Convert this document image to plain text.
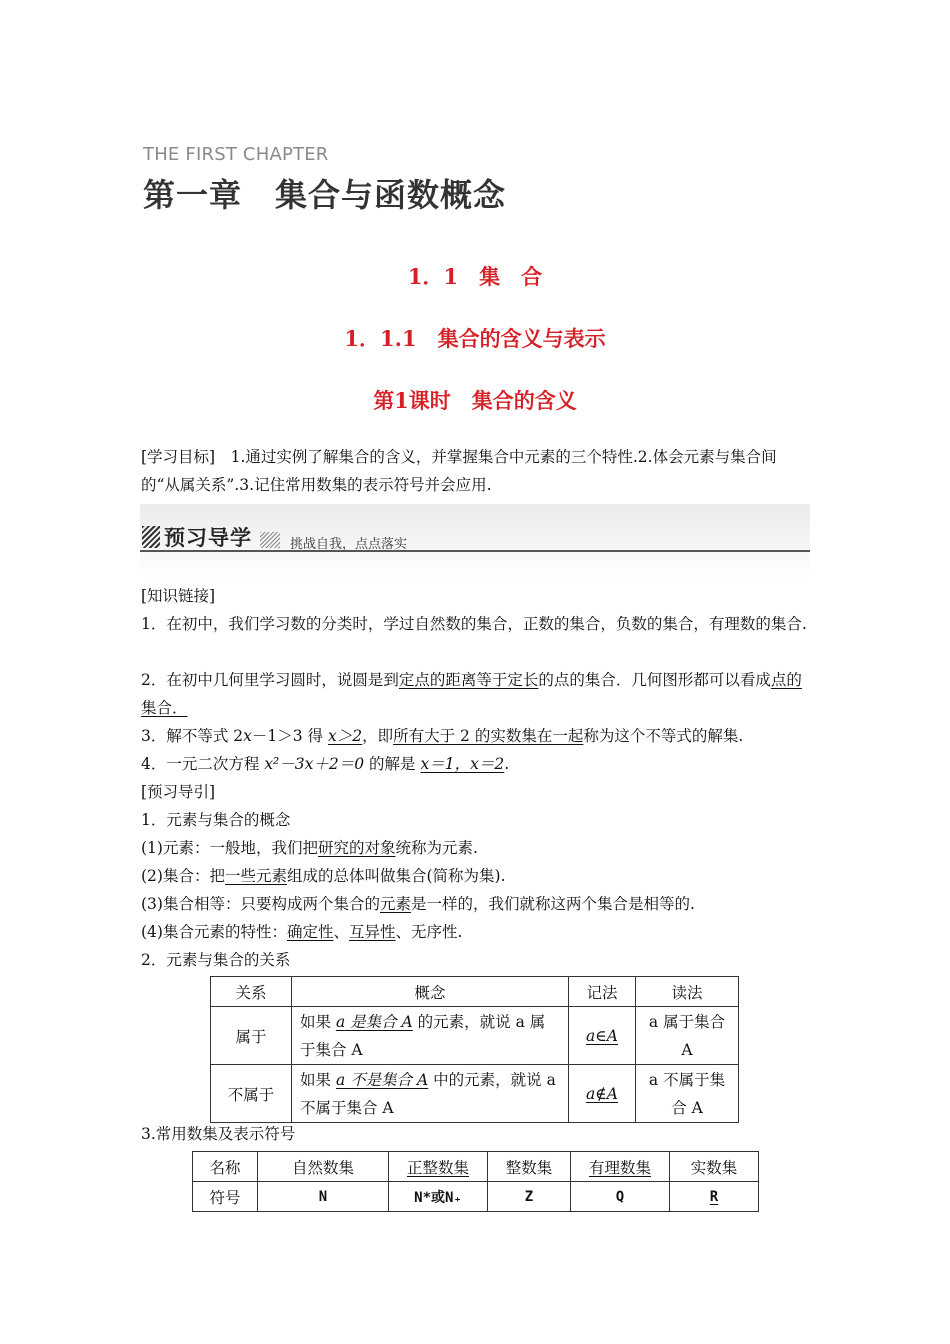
THE FIRST CHAPTER
第一章　集合与函数概念
1．1　集　合
1．1.1　集合的含义与表示
第1课时　集合的含义
[学习目标]　1.通过实例了解集合的含义，并掌握集合中元素的三个特性.2.体会元素与集合间的“从属关系”.3.记住常用数集的表示符号并会应用.
预习导学	挑战自我，点点落实
[知识链接]
1．在初中，我们学习数的分类时，学过自然数的集合，正数的集合，负数的集合，有理数的集合.
2．在初中几何里学习圆时，说圆是到定点的距离等于定长的点的集合．几何图形都可以看成点的集合．
3．解不等式 2x－1＞3 得 x＞2，即所有大于 2 的实数集在一起称为这个不等式的解集.
4．一元二次方程 x²－3x＋2＝0 的解是 x＝1，x＝2.
[预习导引]
1．元素与集合的概念
(1)元素：一般地，我们把研究的对象统称为元素.
(2)集合：把一些元素组成的总体叫做集合(简称为集).
(3)集合相等：只要构成两个集合的元素是一样的，我们就称这两个集合是相等的.
(4)集合元素的特性：确定性、互异性、无序性.
2．元素与集合的关系
关系	概念	记法	读法
属于	如果 a 是集合 A 的元素，就说 a 属于集合 A	a∈A	a 属于集合 A
不属于	如果 a 不是集合 A 中的元素，就说 a 不属于集合 A	a∉A	a 不属于集合 A
3.常用数集及表示符号
名称	自然数集	正整数集	整数集	有理数集	实数集
符号	N	N*或N₊	Z	Q	R
